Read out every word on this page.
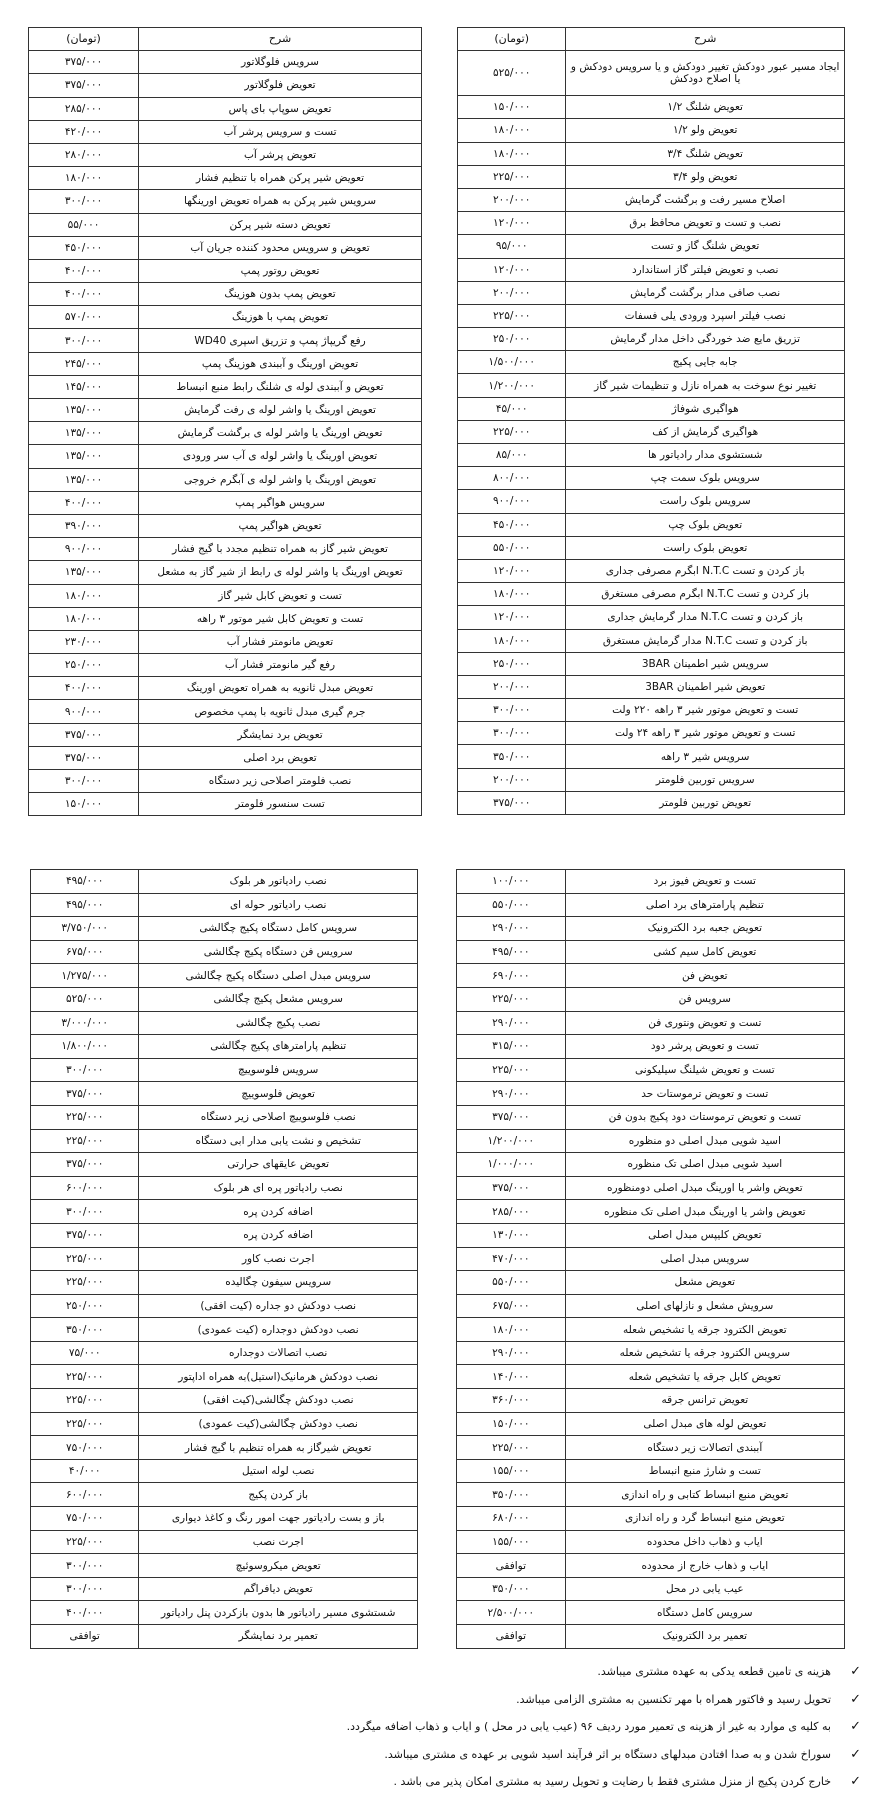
شرح	(تومان)
سرویس فلوگلاتور	۳۷۵/۰۰۰
تعویض فلوگلاتور	۳۷۵/۰۰۰
تعویض سوپاپ بای پاس	۲۸۵/۰۰۰
تست و سرویس پرشر آب	۴۲۰/۰۰۰
تعویض پرشر آب	۲۸۰/۰۰۰
تعویض شیر پرکن همراه با تنظیم فشار	۱۸۰/۰۰۰
سرویس شیر پرکن به همراه تعویض اورینگها	۳۰۰/۰۰۰
تعویض دسته شیر پرکن	۵۵/۰۰۰
تعویض و سرویس محدود کننده جریان آب	۴۵۰/۰۰۰
تعویض روتور پمپ	۴۰۰/۰۰۰
تعویض پمپ بدون هوزینگ	۴۰۰/۰۰۰
تعویض پمپ با هوزینگ	۵۷۰/۰۰۰
رفع گریپاژ پمپ و تزریق اسپری WD40	۳۰۰/۰۰۰
تعویض اورینگ و آببندی هوزینگ پمپ	۲۴۵/۰۰۰
تعویض و آببندی لوله ی شلنگ رابط منبع انبساط	۱۴۵/۰۰۰
تعویض اورینگ یا واشر لوله ی رفت گرمایش	۱۳۵/۰۰۰
تعویض اورینگ یا واشر لوله ی برگشت گرمایش	۱۳۵/۰۰۰
تعویض اورینگ یا واشر لوله ی آب سر ورودی	۱۳۵/۰۰۰
تعویض اورینگ یا واشر لوله ی آبگرم خروجی	۱۳۵/۰۰۰
سرویس هواگیر پمپ	۴۰۰/۰۰۰
تعویض هواگیر پمپ	۳۹۰/۰۰۰
تعویض شیر گاز به همراه تنظیم مجدد با گیج فشار	۹۰۰/۰۰۰
تعویض اورینگ یا واشر لوله ی رابط از شیر گاز به مشعل	۱۳۵/۰۰۰
تست و تعویض کابل شیر گاز	۱۸۰/۰۰۰
تست و تعویض کابل شیر موتور ۳ راهه	۱۸۰/۰۰۰
تعویض مانومتر فشار آب	۲۳۰/۰۰۰
رفع گیر مانومتر فشار آب	۲۵۰/۰۰۰
تعویض مبدل ثانویه به همراه تعویض اورینگ	۴۰۰/۰۰۰
جرم گیری مبدل ثانویه با پمپ مخصوص	۹۰۰/۰۰۰
تعویض برد نمایشگر	۳۷۵/۰۰۰
تعویض برد اصلی	۳۷۵/۰۰۰
نصب فلومتر اصلاحی زیر دستگاه	۳۰۰/۰۰۰
تست سنسور فلومتر	۱۵۰/۰۰۰
شرح	(تومان)
ایجاد مسیر عبور دودکش تغییر دودکش و یا سرویس دودکش و یا اصلاح دودکش	۵۲۵/۰۰۰
تعویض شلنگ ۱/۲	۱۵۰/۰۰۰
تعویض ولو ۱/۲	۱۸۰/۰۰۰
تعویض شلنگ ۳/۴	۱۸۰/۰۰۰
تعویض ولو ۳/۴	۲۲۵/۰۰۰
اصلاح مسیر رفت و برگشت گرمایش	۲۰۰/۰۰۰
نصب و تست و تعویض محافظ برق	۱۲۰/۰۰۰
تعویض شلنگ گاز و تست	۹۵/۰۰۰
نصب و تعویض فیلتر گاز استاندارد	۱۲۰/۰۰۰
نصب صافی مدار برگشت گرمایش	۲۰۰/۰۰۰
نصب فیلتر اسپرد ورودی یلی فسفات	۲۲۵/۰۰۰
تزریق مایع ضد خوردگی داخل مدار گرمایش	۲۵۰/۰۰۰
جابه جایی پکیج	۱/۵۰۰/۰۰۰
تغییر نوع سوخت به همراه نازل و تنظیمات شیر گاز	۱/۲۰۰/۰۰۰
هواگیری شوفاژ	۴۵/۰۰۰
هواگیری گرمایش از کف	۲۲۵/۰۰۰
شستشوی مدار رادیاتور ها	۸۵/۰۰۰
سرویس بلوک سمت چپ	۸۰۰/۰۰۰
سرویس بلوک راست	۹۰۰/۰۰۰
تعویض بلوک چپ	۴۵۰/۰۰۰
تعویض بلوک راست	۵۵۰/۰۰۰
باز کردن و تست N.T.C ابگرم مصرفی جداری	۱۲۰/۰۰۰
باز کردن و تست N.T.C ابگرم مصرفی مستغرق	۱۸۰/۰۰۰
باز کردن و تست N.T.C مدار گرمایش جداری	۱۲۰/۰۰۰
باز کردن و تست N.T.C مدار گرمایش مستغرق	۱۸۰/۰۰۰
سرویس شیر اطمینان 3BAR	۲۵۰/۰۰۰
تعویض شیر اطمینان 3BAR	۲۰۰/۰۰۰
تست و تعویض موتور شیر ۳ راهه ۲۲۰ ولت	۳۰۰/۰۰۰
تست و تعویض موتور شیر ۳ راهه ۲۴ ولت	۳۰۰/۰۰۰
سرویس شیر ۳ راهه	۳۵۰/۰۰۰
سرویس توربین فلومتر	۲۰۰/۰۰۰
تعویض توربین فلومتر	۳۷۵/۰۰۰
نصب رادیاتور هر بلوک	۴۹۵/۰۰۰
نصب رادیاتور حوله ای	۴۹۵/۰۰۰
سرویس کامل دستگاه پکیج چگالشی	۳/۷۵۰/۰۰۰
سرویس فن دستگاه پکیج چگالشی	۶۷۵/۰۰۰
سرویس مبدل اصلی دستگاه پکیج چگالشی	۱/۲۷۵/۰۰۰
سرویس مشعل پکیج چگالشی	۵۲۵/۰۰۰
نصب پکیج چگالشی	۳/۰۰۰/۰۰۰
تنظیم پارامترهای پکیج چگالشی	۱/۸۰۰/۰۰۰
سرویس فلوسوییچ	۳۰۰/۰۰۰
تعویض فلوسوییچ	۳۷۵/۰۰۰
نصب فلوسوییچ اصلاحی زیر دستگاه	۲۲۵/۰۰۰
تشخیص و نشت یابی مدار ابی دستگاه	۲۲۵/۰۰۰
تعویض عایقهای حرارتی	۳۷۵/۰۰۰
نصب رادیاتور پره ای هر بلوک	۶۰۰/۰۰۰
اضافه کردن پره	۳۰۰/۰۰۰
اضافه کردن پره	۳۷۵/۰۰۰
اجرت نصب کاور	۲۲۵/۰۰۰
سرویس سیفون چگالیده	۲۲۵/۰۰۰
نصب دودکش دو جداره (کیت افقی)	۲۵۰/۰۰۰
نصب دودکش دوجداره (کیت عمودی)	۳۵۰/۰۰۰
نصب اتصالات دوجداره	۷۵/۰۰۰
نصب دودکش هرمانیک(استیل)به همراه اداپتور	۲۲۵/۰۰۰
نصب دودکش چگالشی(کیت افقی)	۲۲۵/۰۰۰
نصب دودکش چگالشی(کیت عمودی)	۲۲۵/۰۰۰
تعویض شیرگاز به همراه تنظیم با گیج فشار	۷۵۰/۰۰۰
نصب لوله استیل	۴۰/۰۰۰
باز کردن پکیج	۶۰۰/۰۰۰
باز و بست رادیاتور جهت امور رنگ و کاغذ دیواری	۷۵۰/۰۰۰
اجرت نصب	۲۲۵/۰۰۰
تعویض میکروسوئیچ	۳۰۰/۰۰۰
تعویض دیافراگم	۳۰۰/۰۰۰
شستشوی مسیر رادیاتور ها بدون بازکردن پنل رادیاتور	۴۰۰/۰۰۰
تعمیر برد نمایشگر	توافقی
تست و تعویض فیوز برد	۱۰۰/۰۰۰
تنظیم پارامترهای برد اصلی	۵۵۰/۰۰۰
تعویض جعبه برد الکترونیک	۲۹۰/۰۰۰
تعویض کامل سیم کشی	۴۹۵/۰۰۰
تعویض فن	۶۹۰/۰۰۰
سرویس فن	۲۲۵/۰۰۰
تست و تعویض ونتوری فن	۲۹۰/۰۰۰
تست و تعویض پرشر دود	۳۱۵/۰۰۰
تست و تعویض شیلنگ سیلیکونی	۲۲۵/۰۰۰
تست و تعویض ترموستات حد	۲۹۰/۰۰۰
تست و تعویض ترموستات دود پکیج بدون فن	۳۷۵/۰۰۰
اسید شویی مبدل اصلی دو منظوره	۱/۲۰۰/۰۰۰
اسید شویی مبدل اصلی تک منظوره	۱/۰۰۰/۰۰۰
تعویض واشر یا اورینگ مبدل اصلی دومنظوره	۳۷۵/۰۰۰
تعویض واشر یا اورینگ مبدل اصلی تک منظوره	۲۸۵/۰۰۰
تعویض کلیپس مبدل اصلی	۱۳۰/۰۰۰
سرویس مبدل اصلی	۴۷۰/۰۰۰
تعویض مشعل	۵۵۰/۰۰۰
سرویش مشعل و نازلهای اصلی	۶۷۵/۰۰۰
تعویض الکترود جرقه یا تشخیص شعله	۱۸۰/۰۰۰
سرویس الکترود جرقه یا تشخیص شعله	۲۹۰/۰۰۰
تعویض کابل جرقه یا تشخیص شعله	۱۴۰/۰۰۰
تعویض ترانس جرقه	۳۶۰/۰۰۰
تعویض لوله های مبدل اصلی	۱۵۰/۰۰۰
آببندی اتصالات زیر دستگاه	۲۲۵/۰۰۰
تست و شارژ منبع انبساط	۱۵۵/۰۰۰
تعویض منبع انبساط کتابی و راه اندازی	۳۵۰/۰۰۰
تعویض منبع انبساط گرد و راه اندازی	۶۸۰/۰۰۰
ایاب و ذهاب داخل محدوده	۱۵۵/۰۰۰
ایاب و ذهاب خارج از محدوده	توافقی
عیب یابی در محل	۳۵۰/۰۰۰
سرویس کامل دستگاه	۲/۵۰۰/۰۰۰
تعمیر برد الکترونیک	توافقی
✓هزینه ی تامین قطعه یدکی به عهده مشتری میباشد.
✓تحویل رسید و فاکتور همراه با مهر تکنسین به مشتری الزامی میباشد.
✓به کلیه ی موارد به غیر از هزینه ی تعمیر مورد ردیف ۹۶ (عیب یابی در محل ) و ایاب و ذهاب اضافه میگردد.
✓سوراخ شدن و به صدا افتادن مبدلهای دستگاه بر اثر فرآیند اسید شویی بر عهده ی مشتری میباشد.
✓خارج کردن پکیج از منزل مشتری فقط با رضایت و تحویل رسید به مشتری امکان پذیر می باشد .
